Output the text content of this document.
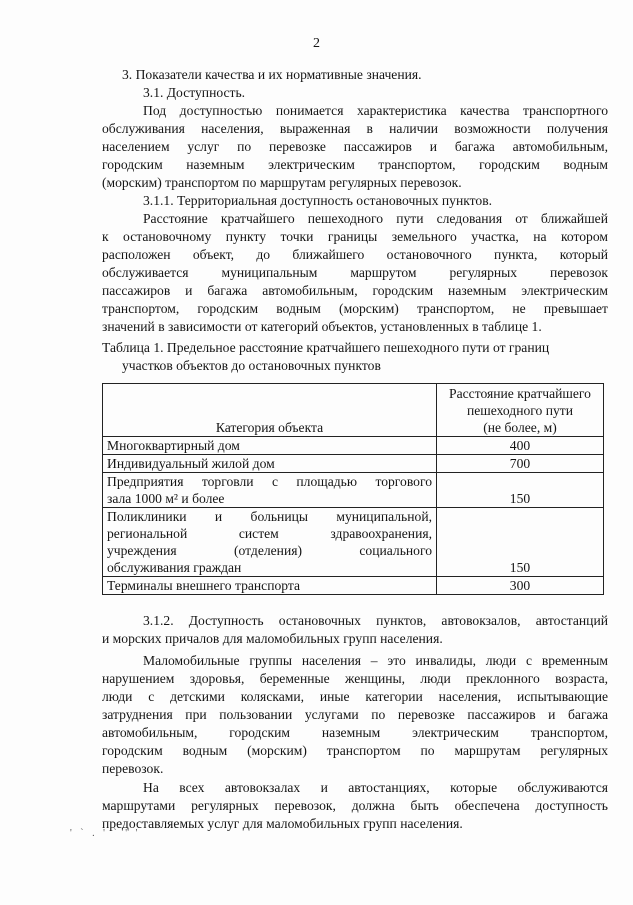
2
3. Показатели качества и их нормативные значения.
3.1. Доступность.
Под доступностью понимается характеристика качества транспортного
обслуживания населения, выраженная в наличии возможности получения
населением услуг по перевозке пассажиров и багажа автомобильным,
городским наземным электрическим транспортом, городским водным
(морским) транспортом по маршрутам регулярных перевозок.
3.1.1. Территориальная доступность остановочных пунктов.
Расстояние кратчайшего пешеходного пути следования от ближайшей
к остановочному пункту точки границы земельного участка, на котором
расположен объект, до ближайшего остановочного пункта, который
обслуживается муниципальным маршрутом регулярных перевозок
пассажиров и багажа автомобильным, городским наземным электрическим
транспортом, городским водным (морским) транспортом, не превышает
значений в зависимости от категорий объектов, установленных в таблице 1.
Таблица 1. Предельное расстояние кратчайшего пешеходного пути от границ
участков объектов до остановочных пунктов
Категория объекта	Расстояние кратчайшего
пешеходного пути
(не более, м)

Многоквартирный дом	400
Индивидуальный жилой дом	700

Предприятия торговли с площадью торгового
зала 1000 м² и более	150

Поликлиники и больницы муниципальной,
региональной систем здравоохранения,
учреждения (отделения) социального
обслуживания граждан	150
Терминалы внешнего транспорта	300
3.1.2. Доступность остановочных пунктов, автовокзалов, автостанций
и морских причалов для маломобильных групп населения.
Маломобильные группы населения – это инвалиды, люди с временным
нарушением здоровья, беременные женщины, люди преклонного возраста,
люди с детскими колясками, иные категории населения, испытывающие
затруднения при пользовании услугами по перевозке пассажиров и багажа
автомобильным, городским наземным электрическим транспортом,
городским водным (морским) транспортом по маршрутам регулярных
перевозок.
На всех автовокзалах и автостанциях, которые обслуживаются
маршрутами регулярных перевозок, должна быть обеспечена доступность
предоставляемых услуг для маломобильных групп населения.
' ` . ' ` ' '
